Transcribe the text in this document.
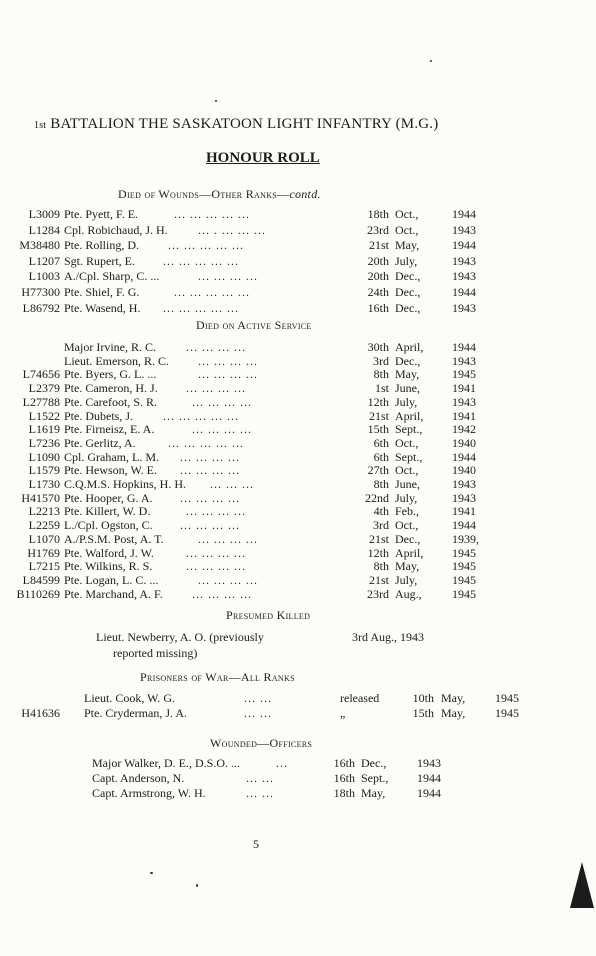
1st BATTALION THE SASKATOON LIGHT INFANTRY (M.G.)
HONOUR ROLL
Died of Wounds—Other Ranks—contd.
L3009 Pte. Pyett, F. E.	... ... ... ... ...	18th Oct.,	1944
L1284 Cpl. Robichaud, J. H.	... . ... ... ...	23rd Oct.,	1943
M38480 Pte. Rolling, D. ... ... ... ... ...	21st May,	1944
L1207 Sgt. Rupert, E. ... ... ... ... ...	20th July,	1943
L1003 A./Cpl. Sharp, C. ...	... ... ... ...	20th Dec.,	1943
H77300 Pte. Shiel, F. G.	... ... ... ... ...	24th Dec.,	1944
L86792 Pte. Wasend, H. ... ... ... ... ...	16th Dec.,	1943
Died on Active Service
Major Irvine, R. C.	... ... ... ...	30th April, 1944
Lieut. Emerson, R. C. ... ... ... ...	3rd Dec.,	1943
L74656 Pte. Byers, G. L. ...	... ... ... ...	8th May,	1945
L2379 Pte. Cameron, H. J. ... ... ... ...	1st June,	1941
L27788 Pte. Carefoot, S. R.	... ... ... ...	12th July,	1943
L1522 Pte. Dubets, J.	... ... ... ... ...	21st April, 1941
L1619 Pte. Firneisz, E. A.	... ... ... ...	15th Sept., 1942
L7236 Pte. Gerlitz, A.	... ... ... ... ...	6th Oct.,	1940
L1090 Cpl. Graham, L. M. ... ... ... ...	6th Sept., 1944
L1579 Pte. Hewson, W. E. ... ... ... ...	27th Oct.,	1940
L1730 C.Q.M.S. Hopkins, H. H. ... ... ...	8th June,	1943
H41570 Pte. Hooper, G. A. ... ... ... ...	22nd July,	1943
L2213 Pte. Killert, W. D.	... ... ... ...	4th Feb.,	1941
L2259 L./Cpl. Ogston, C. ... ... ... ...	3rd Oct.,	1944
L1070 A./P.S.M. Post, A. T.	... ... ... ...	21st Dec.,	1939,
H1769 Pte. Walford, J. W.	... ... ... ...	12th April, 1945
L7215 Pte. Wilkins, R. S.	... ... ... ...	8th May,	1945
L84599 Pte. Logan, L. C. ...	... ... ... ...	21st July,	1945
B110269 Pte. Marchand, A. F. ... ... ... ...	23rd Aug.,	1945
Presumed Killed
Lieut. Newberry, A. O. (previously
reported missing)
3rd Aug., 1943
Prisoners of War—All Ranks
Lieut. Cook, W. G.	... ...	released	10th May, 1945
H41636 Pte. Cryderman, J. A.	... ...	„	15th May, 1945
Wounded—Officers
Major Walker, D. E., D.S.O. ...	...	16th Dec.,	1943
Capt. Anderson, N.	... ...	16th Sept., 1944
Capt. Armstrong, W. H.	... ...	18th May,	1944
5
